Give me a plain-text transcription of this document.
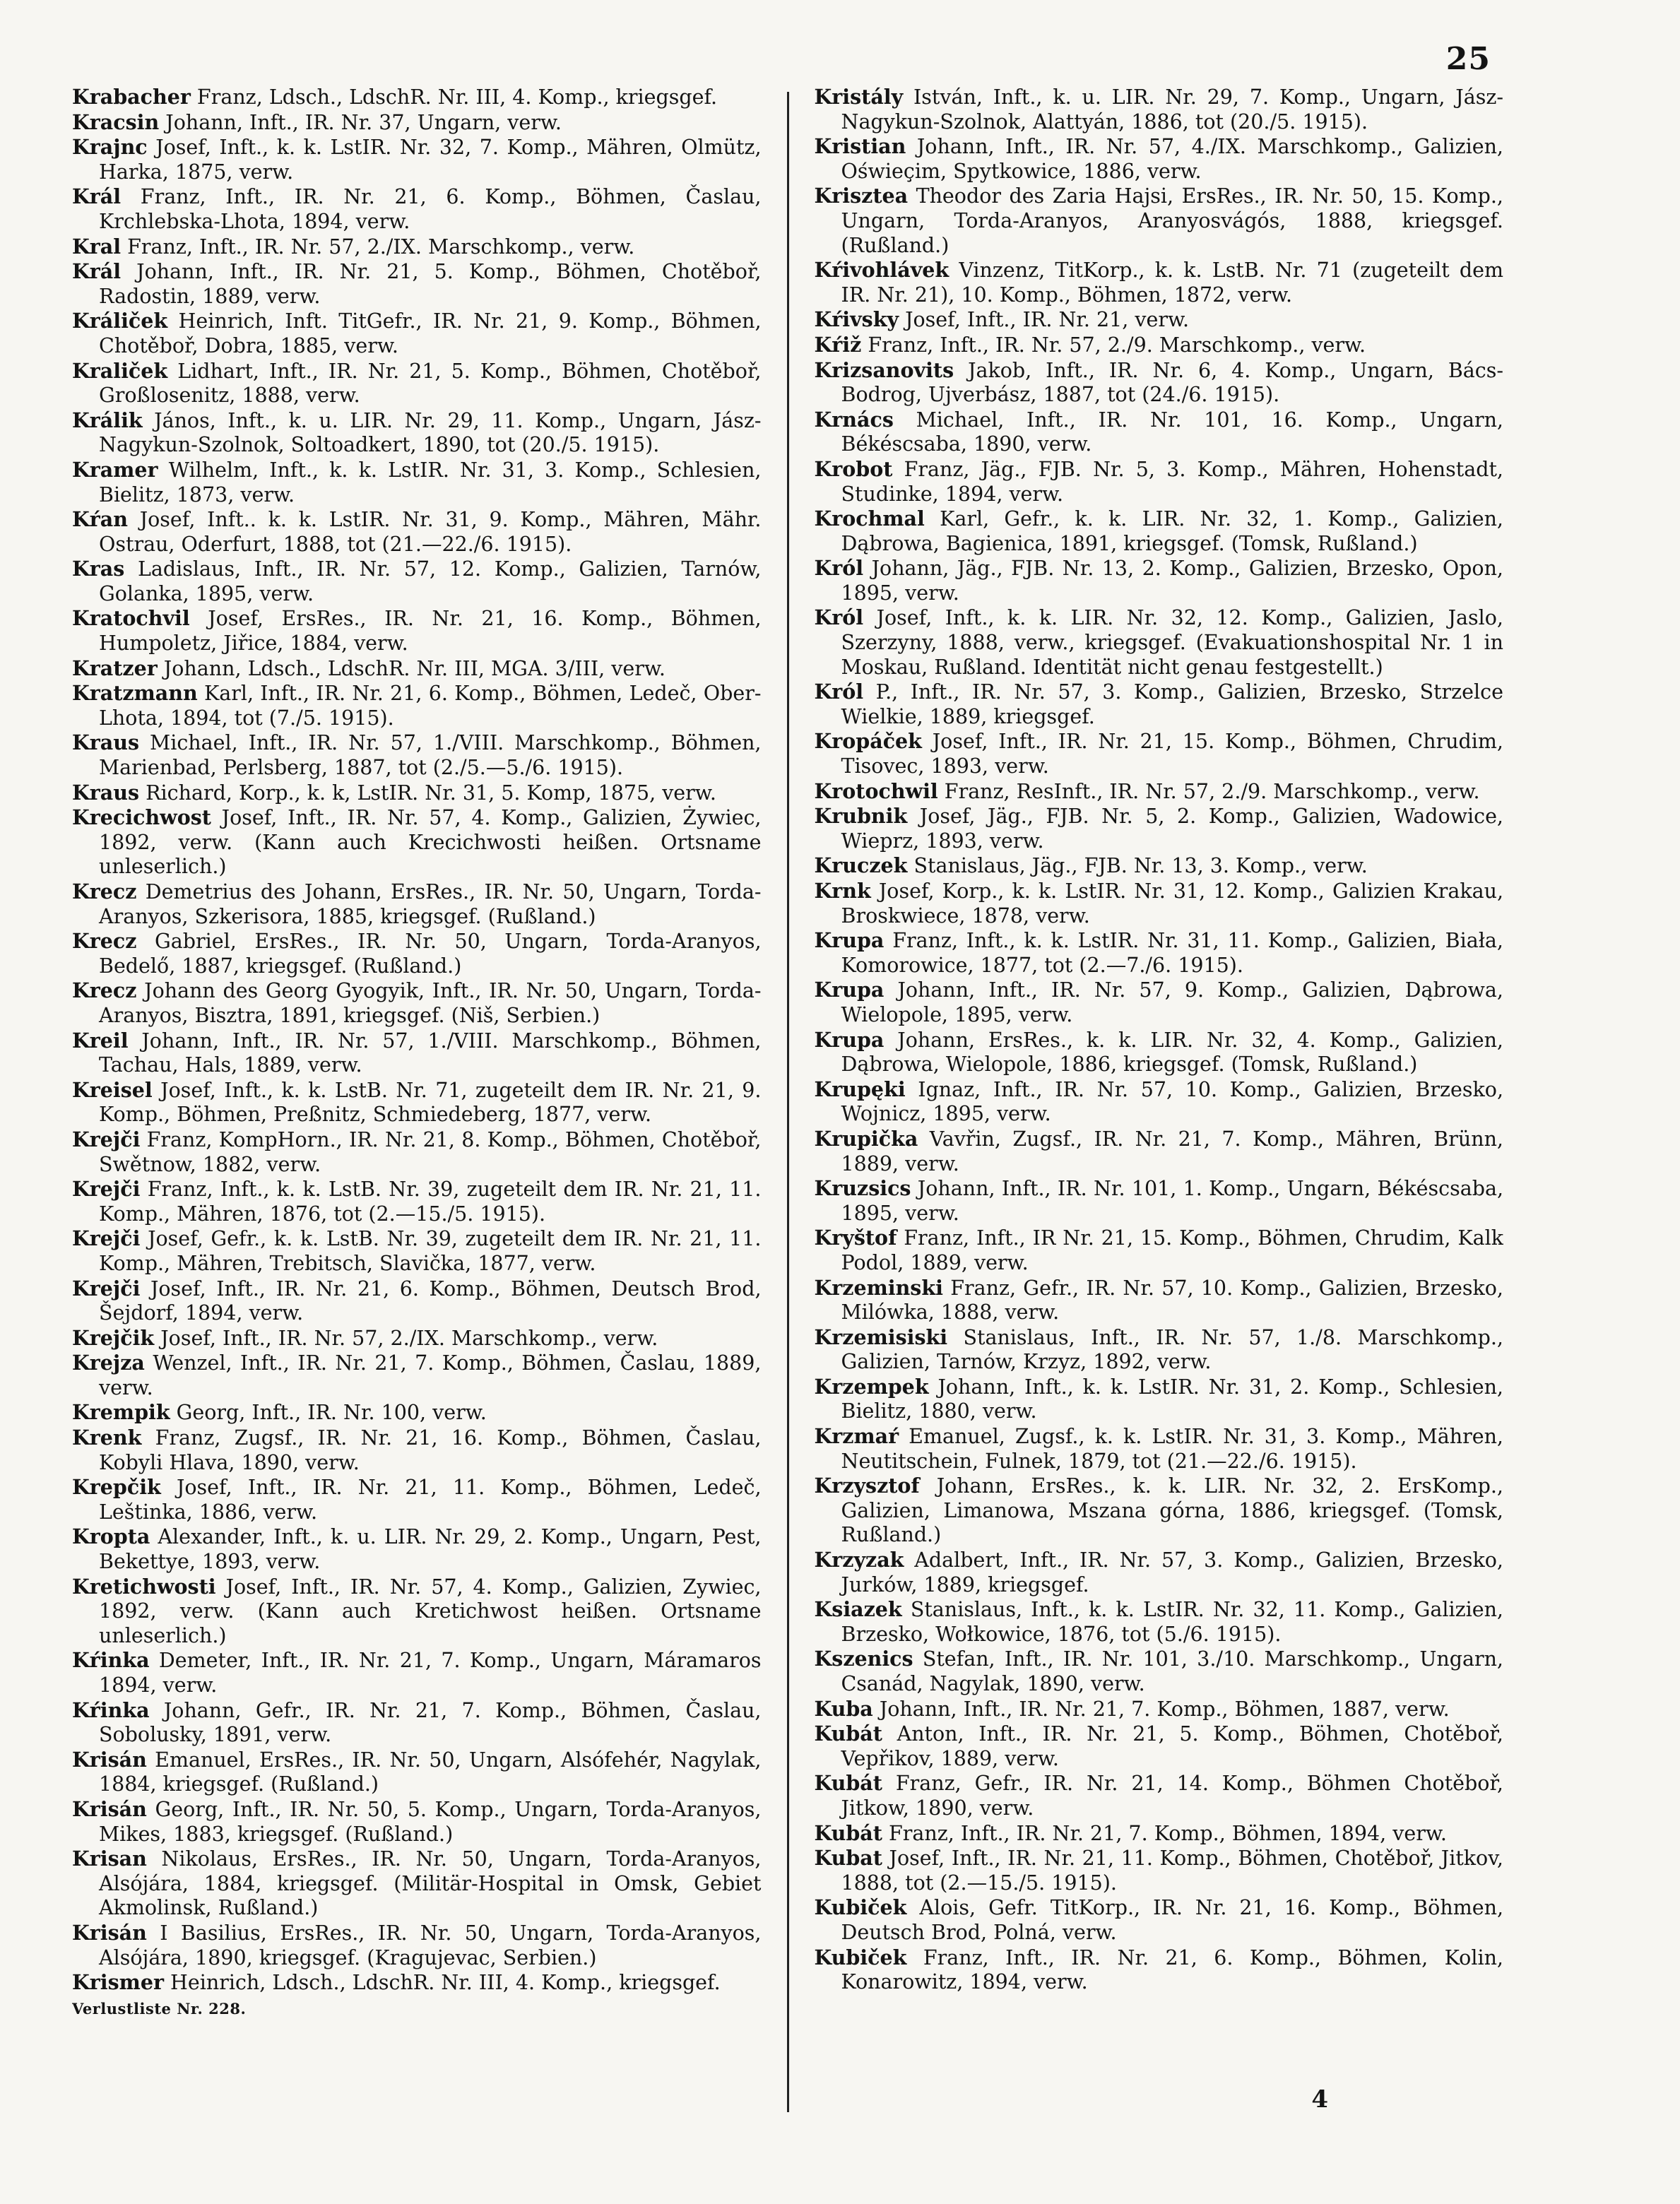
25

Krabacher Franz, Ldsch., LdschR. Nr. III, 4. Komp., kriegsgef.

Kracsin Johann, Inft., IR. Nr. 37, Ungarn, verw.

Krajnc Josef, Inft., k. k. LstIR. Nr. 32, 7. Komp., Mähren, Olmütz, Harka, 1875, verw.

Král Franz, Inft., IR. Nr. 21, 6. Komp., Böhmen, Časlau, Krchlebska-Lhota, 1894, verw.

Kral Franz, Inft., IR. Nr. 57, 2./IX. Marschkomp., verw.

Král Johann, Inft., IR. Nr. 21, 5. Komp., Böhmen, Chotěboř, Radostin, 1889, verw.

Králiček Heinrich, Inft. TitGefr., IR. Nr. 21, 9. Komp., Böhmen, Chotěboř, Dobra, 1885, verw.

Kraliček Lidhart, Inft., IR. Nr. 21, 5. Komp., Böhmen, Chotěboř, Großlosenitz, 1888, verw.

Králik János, Inft., k. u. LIR. Nr. 29, 11. Komp., Ungarn, Jász-Nagykun-Szolnok, Soltoadkert, 1890, tot (20./5. 1915).

Kramer Wilhelm, Inft., k. k. LstIR. Nr. 31, 3. Komp., Schlesien, Bielitz, 1873, verw.

Kŕan Josef, Inft.. k. k. LstIR. Nr. 31, 9. Komp., Mähren, Mähr. Ostrau, Oderfurt, 1888, tot (21.—22./6. 1915).

Kras Ladislaus, Inft., IR. Nr. 57, 12. Komp., Galizien, Tarnów, Golanka, 1895, verw.

Kratochvil Josef, ErsRes., IR. Nr. 21, 16. Komp., Böhmen, Humpoletz, Jiřice, 1884, verw.

Kratzer Johann, Ldsch., LdschR. Nr. III, MGA. 3/III, verw.

Kratzmann Karl, Inft., IR. Nr. 21, 6. Komp., Böhmen, Ledeč, Ober-Lhota, 1894, tot (7./5. 1915).

Kraus Michael, Inft., IR. Nr. 57, 1./VIII. Marschkomp., Böhmen, Marienbad, Perlsberg, 1887, tot (2./5.—5./6. 1915).

Kraus Richard, Korp., k. k, LstIR. Nr. 31, 5. Komp, 1875, verw.

Krecichwost Josef, Inft., IR. Nr. 57, 4. Komp., Galizien, Żywiec, 1892, verw. (Kann auch Krecichwosti heißen. Ortsname unleserlich.)

Krecz Demetrius des Johann, ErsRes., IR. Nr. 50, Ungarn, Torda-Aranyos, Szkerisora, 1885, kriegsgef. (Rußland.)

Krecz Gabriel, ErsRes., IR. Nr. 50, Ungarn, Torda-Aranyos, Bedelő, 1887, kriegsgef. (Rußland.)

Krecz Johann des Georg Gyogyik, Inft., IR. Nr. 50, Ungarn, Torda-Aranyos, Bisztra, 1891, kriegsgef. (Niš, Serbien.)

Kreil Johann, Inft., IR. Nr. 57, 1./VIII. Marschkomp., Böhmen, Tachau, Hals, 1889, verw.

Kreisel Josef, Inft., k. k. LstB. Nr. 71, zugeteilt dem IR. Nr. 21, 9. Komp., Böhmen, Preßnitz, Schmiedeberg, 1877, verw.

Krejči Franz, KompHorn., IR. Nr. 21, 8. Komp., Böhmen, Chotěboř, Swětnow, 1882, verw.

Krejči Franz, Inft., k. k. LstB. Nr. 39, zugeteilt dem IR. Nr. 21, 11. Komp., Mähren, 1876, tot (2.—15./5. 1915).

Krejči Josef, Gefr., k. k. LstB. Nr. 39, zugeteilt dem IR. Nr. 21, 11. Komp., Mähren, Trebitsch, Slavička, 1877, verw.

Krejči Josef, Inft., IR. Nr. 21, 6. Komp., Böhmen, Deutsch Brod, Šejdorf, 1894, verw.

Krejčik Josef, Inft., IR. Nr. 57, 2./IX. Marschkomp., verw.

Krejza Wenzel, Inft., IR. Nr. 21, 7. Komp., Böhmen, Časlau, 1889, verw.

Krempik Georg, Inft., IR. Nr. 100, verw.

Krenk Franz, Zugsf., IR. Nr. 21, 16. Komp., Böhmen, Časlau, Kobyli Hlava, 1890, verw.

Krepčik Josef, Inft., IR. Nr. 21, 11. Komp., Böhmen, Ledeč, Leštinka, 1886, verw.

Kropta Alexander, Inft., k. u. LIR. Nr. 29, 2. Komp., Ungarn, Pest, Bekettye, 1893, verw.

Kretichwosti Josef, Inft., IR. Nr. 57, 4. Komp., Galizien, Zywiec, 1892, verw. (Kann auch Kretichwost heißen. Ortsname unleserlich.)

Kŕinka Demeter, Inft., IR. Nr. 21, 7. Komp., Ungarn, Máramaros 1894, verw.

Kŕinka Johann, Gefr., IR. Nr. 21, 7. Komp., Böhmen, Časlau, Sobolusky, 1891, verw.

Krisán Emanuel, ErsRes., IR. Nr. 50, Ungarn, Alsófehér, Nagylak, 1884, kriegsgef. (Rußland.)

Krisán Georg, Inft., IR. Nr. 50, 5. Komp., Ungarn, Torda-Aranyos, Mikes, 1883, kriegsgef. (Rußland.)

Krisan Nikolaus, ErsRes., IR. Nr. 50, Ungarn, Torda-Aranyos, Alsójára, 1884, kriegsgef. (Militär-Hospital in Omsk, Gebiet Akmolinsk, Rußland.)

Krisán I Basilius, ErsRes., IR. Nr. 50, Ungarn, Torda-Aranyos, Alsójára, 1890, kriegsgef. (Kragujevac, Serbien.)

Krismer Heinrich, Ldsch., LdschR. Nr. III, 4. Komp., kriegsgef.

Verlustliste Nr. 228.

Kristály István, Inft., k. u. LIR. Nr. 29, 7. Komp., Ungarn, Jász-Nagykun-Szolnok, Alattyán, 1886, tot (20./5. 1915).

Kristian Johann, Inft., IR. Nr. 57, 4./IX. Marschkomp., Galizien, Oświeçim, Spytkowice, 1886, verw.

Krisztea Theodor des Zaria Hajsi, ErsRes., IR. Nr. 50, 15. Komp., Ungarn, Torda-Aranyos, Aranyosvágós, 1888, kriegsgef. (Rußland.)

Kŕivohlávek Vinzenz, TitKorp., k. k. LstB. Nr. 71 (zugeteilt dem IR. Nr. 21), 10. Komp., Böhmen, 1872, verw.

Kŕivsky Josef, Inft., IR. Nr. 21, verw.

Kŕiž Franz, Inft., IR. Nr. 57, 2./9. Marschkomp., verw.

Krizsanovits Jakob, Inft., IR. Nr. 6, 4. Komp., Ungarn, Bács-Bodrog, Ujverbász, 1887, tot (24./6. 1915).

Krnács Michael, Inft., IR. Nr. 101, 16. Komp., Ungarn, Békéscsaba, 1890, verw.

Krobot Franz, Jäg., FJB. Nr. 5, 3. Komp., Mähren, Hohenstadt, Studinke, 1894, verw.

Krochmal Karl, Gefr., k. k. LIR. Nr. 32, 1. Komp., Galizien, Dąbrowa, Bagienica, 1891, kriegsgef. (Tomsk, Rußland.)

Król Johann, Jäg., FJB. Nr. 13, 2. Komp., Galizien, Brzesko, Opon, 1895, verw.

Król Josef, Inft., k. k. LIR. Nr. 32, 12. Komp., Galizien, Jaslo, Szerzyny, 1888, verw., kriegsgef. (Evakuationshospital Nr. 1 in Moskau, Rußland. Identität nicht genau festgestellt.)

Król P., Inft., IR. Nr. 57, 3. Komp., Galizien, Brzesko, Strzelce Wielkie, 1889, kriegsgef.

Kropáček Josef, Inft., IR. Nr. 21, 15. Komp., Böhmen, Chrudim, Tisovec, 1893, verw.

Krotochwil Franz, ResInft., IR. Nr. 57, 2./9. Marschkomp., verw.

Krubnik Josef, Jäg., FJB. Nr. 5, 2. Komp., Galizien, Wadowice, Wieprz, 1893, verw.

Kruczek Stanislaus, Jäg., FJB. Nr. 13, 3. Komp., verw.

Krnk Josef, Korp., k. k. LstIR. Nr. 31, 12. Komp., Galizien Krakau, Broskwiece, 1878, verw.

Krupa Franz, Inft., k. k. LstIR. Nr. 31, 11. Komp., Galizien, Biała, Komorowice, 1877, tot (2.—7./6. 1915).

Krupa Johann, Inft., IR. Nr. 57, 9. Komp., Galizien, Dąbrowa, Wielopole, 1895, verw.

Krupa Johann, ErsRes., k. k. LIR. Nr. 32, 4. Komp., Galizien, Dąbrowa, Wielopole, 1886, kriegsgef. (Tomsk, Rußland.)

Krupęki Ignaz, Inft., IR. Nr. 57, 10. Komp., Galizien, Brzesko, Wojnicz, 1895, verw.

Krupička Vavřin, Zugsf., IR. Nr. 21, 7. Komp., Mähren, Brünn, 1889, verw.

Kruzsics Johann, Inft., IR. Nr. 101, 1. Komp., Ungarn, Békéscsaba, 1895, verw.

Kryštof Franz, Inft., IR Nr. 21, 15. Komp., Böhmen, Chrudim, Kalk Podol, 1889, verw.

Krzeminski Franz, Gefr., IR. Nr. 57, 10. Komp., Galizien, Brzesko, Milówka, 1888, verw.

Krzemisiski Stanislaus, Inft., IR. Nr. 57, 1./8. Marschkomp., Galizien, Tarnów, Krzyz, 1892, verw.

Krzempek Johann, Inft., k. k. LstIR. Nr. 31, 2. Komp., Schlesien, Bielitz, 1880, verw.

Krzmaŕ Emanuel, Zugsf., k. k. LstIR. Nr. 31, 3. Komp., Mähren, Neutitschein, Fulnek, 1879, tot (21.—22./6. 1915).

Krzysztof Johann, ErsRes., k. k. LIR. Nr. 32, 2. ErsKomp., Galizien, Limanowa, Mszana górna, 1886, kriegsgef. (Tomsk, Rußland.)

Krzyzak Adalbert, Inft., IR. Nr. 57, 3. Komp., Galizien, Brzesko, Jurków, 1889, kriegsgef.

Ksiazek Stanislaus, Inft., k. k. LstIR. Nr. 32, 11. Komp., Galizien, Brzesko, Wołkowice, 1876, tot (5./6. 1915).

Kszenics Stefan, Inft., IR. Nr. 101, 3./10. Marschkomp., Ungarn, Csanád, Nagylak, 1890, verw.

Kuba Johann, Inft., IR. Nr. 21, 7. Komp., Böhmen, 1887, verw.

Kubát Anton, Inft., IR. Nr. 21, 5. Komp., Böhmen, Chotěboř, Vepřikov, 1889, verw.

Kubát Franz, Gefr., IR. Nr. 21, 14. Komp., Böhmen Chotěboř, Jitkow, 1890, verw.

Kubát Franz, Inft., IR. Nr. 21, 7. Komp., Böhmen, 1894, verw.

Kubat Josef, Inft., IR. Nr. 21, 11. Komp., Böhmen, Chotěboř, Jitkov, 1888, tot (2.—15./5. 1915).

Kubiček Alois, Gefr. TitKorp., IR. Nr. 21, 16. Komp., Böhmen, Deutsch Brod, Polná, verw.

Kubiček Franz, Inft., IR. Nr. 21, 6. Komp., Böhmen, Kolin, Konarowitz, 1894, verw.

4
